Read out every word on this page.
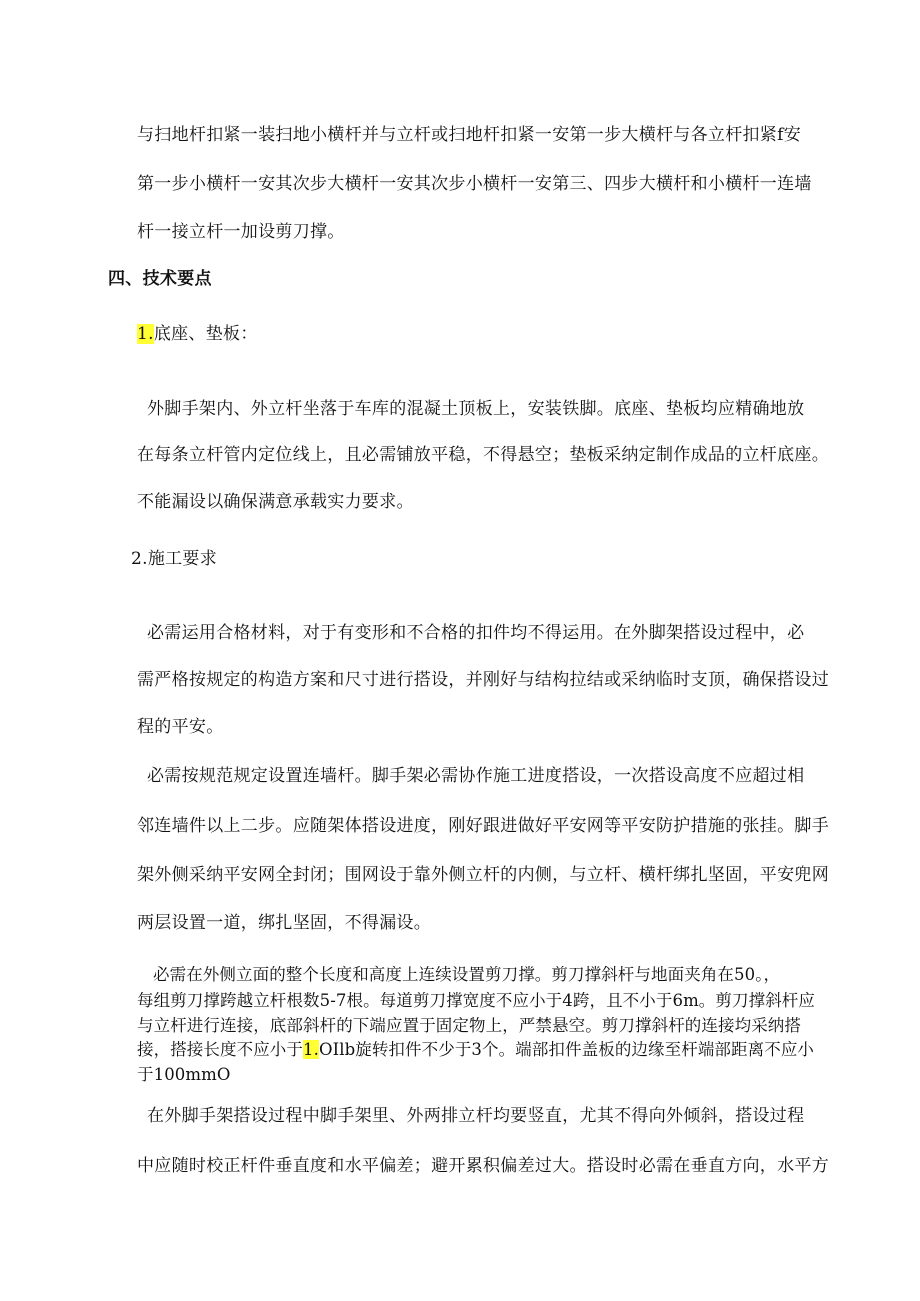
与扫地杆扣紧一装扫地小横杆并与立杆或扫地杆扣紧一安第一步大横杆与各立杆扣紧f安
第一步小横杆一安其次步大横杆一安其次步小横杆一安第三、四步大横杆和小横杆一连墙
杆一接立杆一加设剪刀撑。
四、技术要点
1.底座、垫板：
外脚手架内、外立杆坐落于车库的混凝土顶板上，安装铁脚。底座、垫板均应精确地放
在每条立杆管内定位线上，且必需铺放平稳，不得悬空；垫板采纳定制作成品的立杆底座。
不能漏设以确保满意承载实力要求。
2.施工要求
必需运用合格材料，对于有变形和不合格的扣件均不得运用。在外脚架搭设过程中，必
需严格按规定的构造方案和尺寸进行搭设，并刚好与结构拉结或采纳临时支顶，确保搭设过
程的平安。
必需按规范规定设置连墙杆。脚手架必需协作施工进度搭设，一次搭设高度不应超过相
邻连墙件以上二步。应随架体搭设进度，刚好跟进做好平安网等平安防护措施的张挂。脚手
架外侧采纳平安网全封闭；围网设于靠外侧立杆的内侧，与立杆、横杆绑扎坚固，平安兜网
两层设置一道，绑扎坚固，不得漏设。
必需在外侧立面的整个长度和高度上连续设置剪刀撑。剪刀撑斜杆与地面夹角在50。，
每组剪刀撑跨越立杆根数5-7根。每道剪刀撑宽度不应小于4跨，且不小于6m。剪刀撑斜杆应
与立杆进行连接，底部斜杆的下端应置于固定物上，严禁悬空。剪刀撑斜杆的连接均采纳搭
接，搭接长度不应小于1.OIlb旋转扣件不少于3个。端部扣件盖板的边缘至杆端部距离不应小
于100mmO
在外脚手架搭设过程中脚手架里、外两排立杆均要竖直，尤其不得向外倾斜，搭设过程
中应随时校正杆件垂直度和水平偏差；避开累积偏差过大。搭设时必需在垂直方向，水平方
